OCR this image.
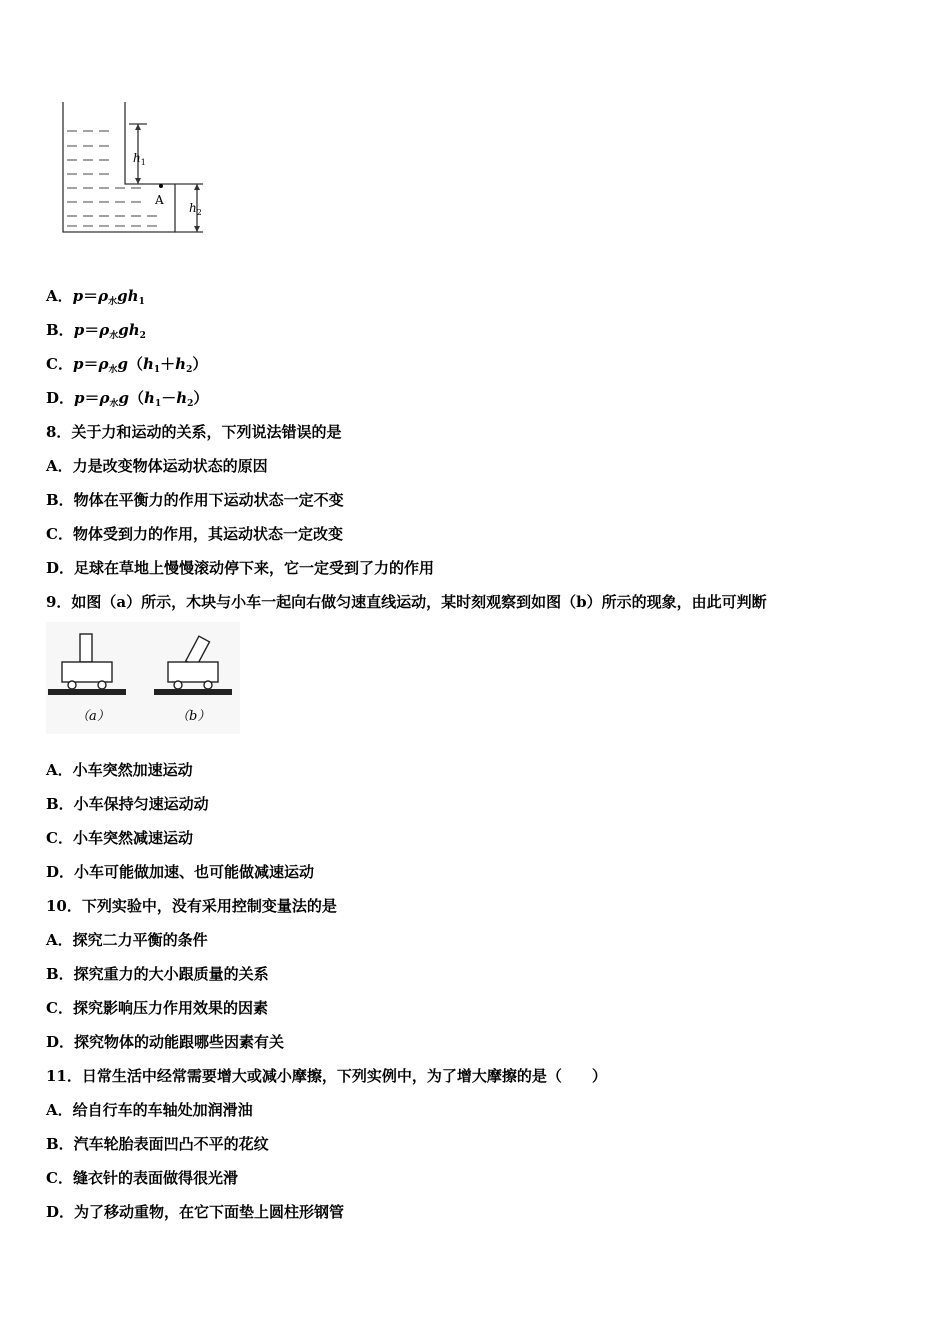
$h_1$
$h_2$
A
A．$p=\rho_水gh_1$
B．$p=\rho_水gh_2$
C．$p=\rho_水g(h_1+h_2)$
D．$p=\rho_水g(h_1-h_2)$
8．关于力和运动的关系，下列说法错误的是
A．力是改变物体运动状态的原因
B．物体在平衡力的作用下运动状态一定不变
C．物体受到力的作用，其运动状态一定改变
D．足球在草地上慢慢滚动停下来，它一定受到了力的作用
9．如图（a）所示，木块与小车一起向右做匀速直线运动，某时刻观察到如图（b）所示的现象，由此可判断
（a）	（b）
A．小车突然加速运动
B．小车保持匀速运动动
C．小车突然减速运动
D．小车可能做加速、也可能做减速运动
10．下列实验中，没有采用控制变量法的是
A．探究二力平衡的条件
B．探究重力的大小跟质量的关系
C．探究影响压力作用效果的因素
D．探究物体的动能跟哪些因素有关
11．日常生活中经常需要增大或减小摩擦，下列实例中，为了增大摩擦的是（　　）
A．给自行车的车轴处加润滑油
B．汽车轮胎表面凹凸不平的花纹
C．缝衣针的表面做得很光滑
D．为了移动重物，在它下面垫上圆柱形钢管
